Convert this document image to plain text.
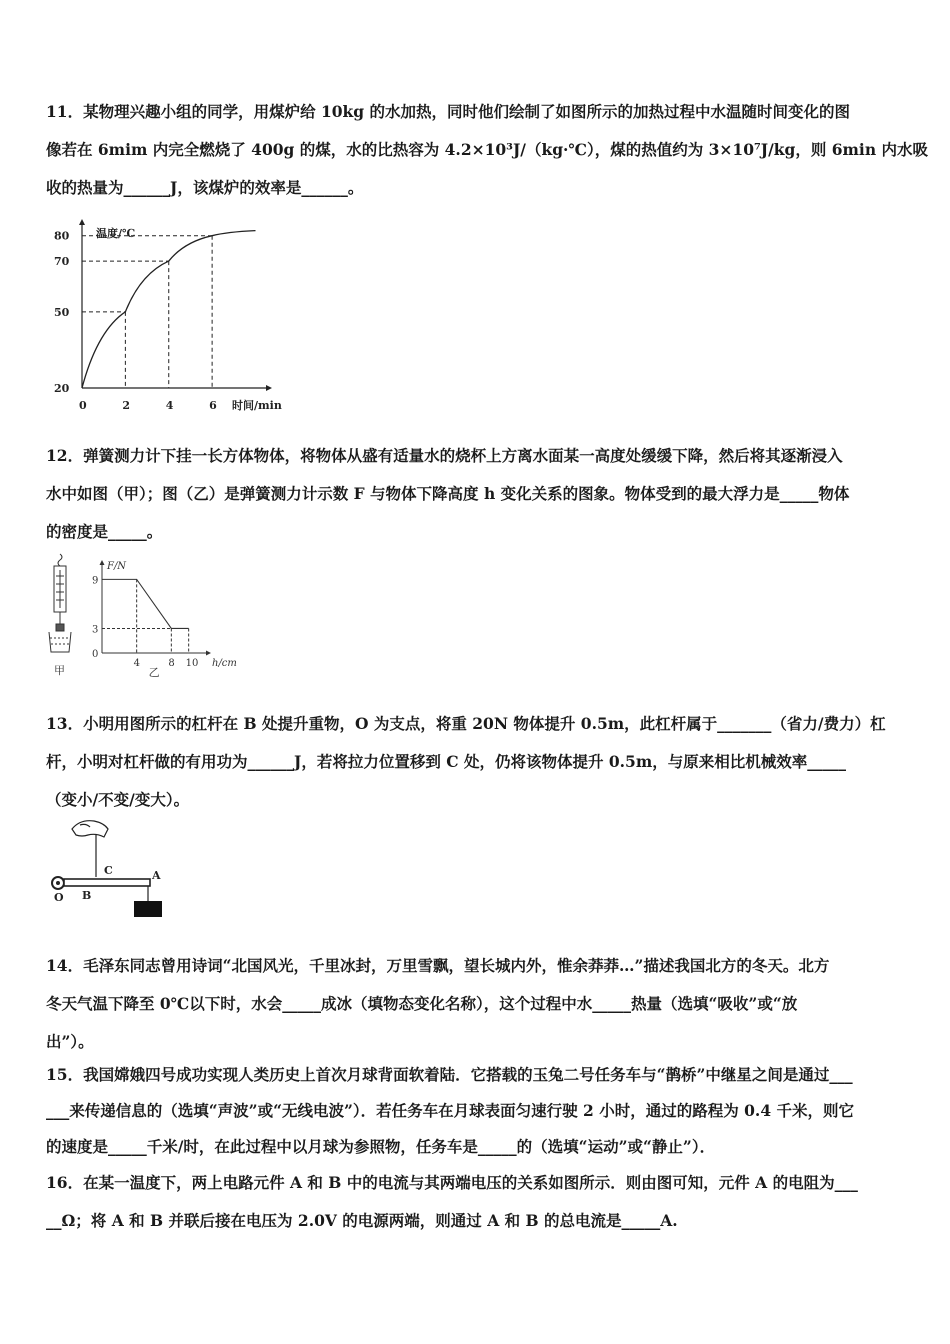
11．某物理兴趣小组的同学，用煤炉给 10kg 的水加热，同时他们绘制了如图所示的加热过程中水温随时间变化的图
像若在 6mim 内完全燃烧了 400g 的煤，水的比热容为 4.2×10³J/（kg·℃），煤的热值约为 3×10⁷J/kg，则 6min 内水吸
收的热量为______J，该煤炉的效率是______。
温度/℃
时间/min
0	2	4	6
20
50
70
80
12．弹簧测力计下挂一长方体物体，将物体从盛有适量水的烧杯上方离水面某一高度处缓缓下降，然后将其逐渐浸入
水中如图（甲）；图（乙）是弹簧测力计示数 F 与物体下降高度 h 变化关系的图象。物体受到的最大浮力是_____物体
的密度是_____。
甲
F/N
h/cm
4	8 10
9
3
0
乙
13．小明用图所示的杠杆在 B 处提升重物，O 为支点，将重 20N 物体提升 0.5m，此杠杆属于_______（省力/费力）杠
杆，小明对杠杆做的有用功为______J，若将拉力位置移到 C 处，仍将该物体提升 0.5m，与原来相比机械效率_____
（变小/不变/变大）。
O B
C	A
14．毛泽东同志曾用诗词“北国风光，千里冰封，万里雪飘，望长城内外，惟余莽莽…”描述我国北方的冬天。北方
冬天气温下降至 0℃以下时，水会_____成冰（填物态变化名称），这个过程中水_____热量（选填“吸收”或“放
出”）。
15．我国嫦娥四号成功实现人类历史上首次月球背面软着陆．它搭载的玉兔二号任务车与“鹊桥”中继星之间是通过___
___来传递信息的（选填“声波”或“无线电波”）．若任务车在月球表面匀速行驶 2 小时，通过的路程为 0.4 千米，则它
的速度是_____千米/时，在此过程中以月球为参照物，任务车是_____的（选填“运动”或“静止”）．
16．在某一温度下，两上电路元件 A 和 B 中的电流与其两端电压的关系如图所示．则由图可知，元件 A 的电阻为___
__Ω；将 A 和 B 并联后接在电压为 2.0V 的电源两端，则通过 A 和 B 的总电流是_____A.
